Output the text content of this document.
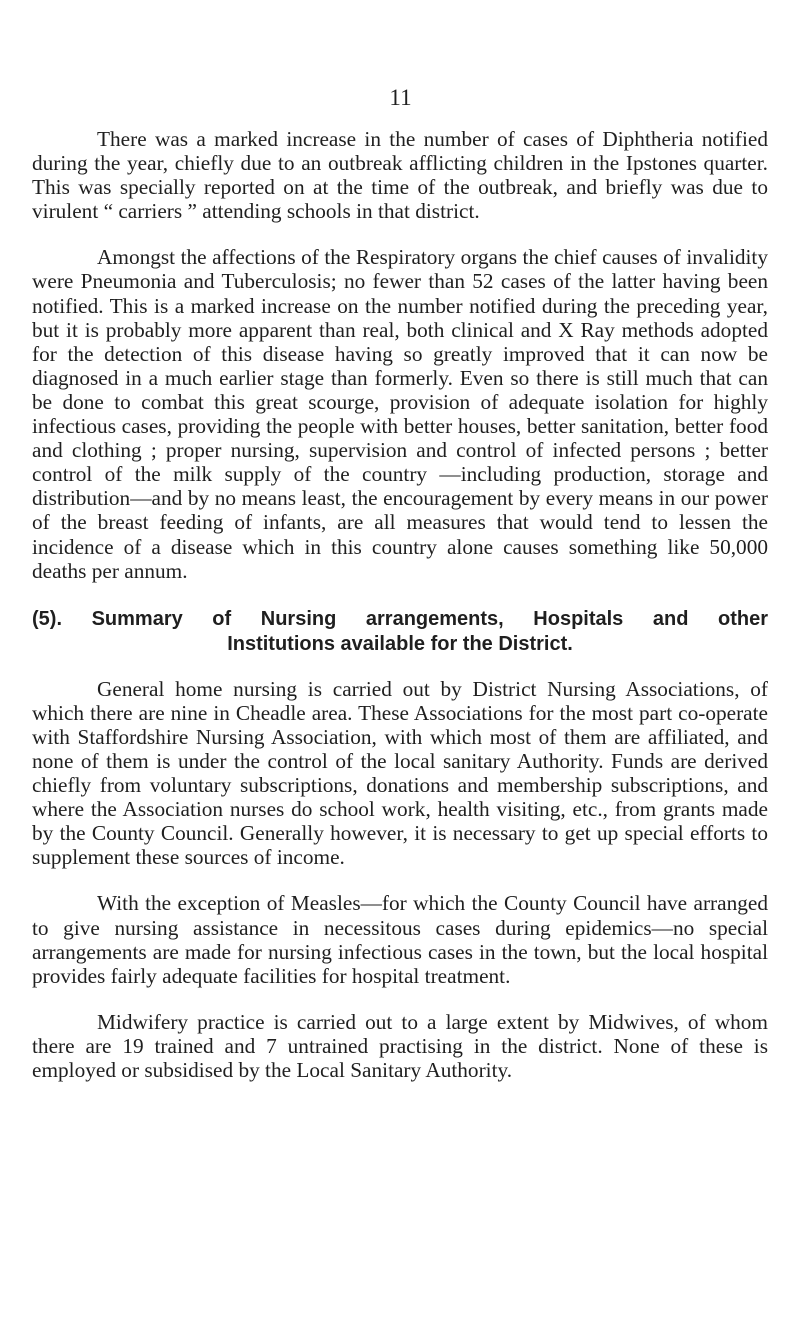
11

There was a marked increase in the number of cases of Diphtheria notified during the year, chiefly due to an outbreak afflicting children in the Ipstones quarter. This was specially reported on at the time of the outbreak, and briefly was due to virulent “ carriers ” attending schools in that district.

Amongst the affections of the Respiratory organs the chief causes of invalidity were Pneumonia and Tuberculosis; no fewer than 52 cases of the latter having been notified. This is a marked increase on the number notified during the preceding year, but it is probably more apparent than real, both clinical and X Ray methods adopted for the detection of this disease having so greatly improved that it can now be diagnosed in a much earlier stage than formerly. Even so there is still much that can be done to combat this great scourge, provision of adequate isolation for highly infectious cases, providing the people with better houses, better sanitation, better food and clothing ; proper nursing, supervision and control of infected persons ; better control of the milk supply of the country —including production, storage and distribution—and by no means least, the encouragement by every means in our power of the breast feeding of infants, are all measures that would tend to lessen the incidence of a disease which in this country alone causes something like 50,000 deaths per annum.

(5). Summary of Nursing arrangements, Hospitals and other
Institutions available for the District.

General home nursing is carried out by District Nursing Associations, of which there are nine in Cheadle area. These Associations for the most part co-operate with Staffordshire Nursing Association, with which most of them are affiliated, and none of them is under the control of the local sanitary Authority. Funds are derived chiefly from voluntary subscriptions, donations and membership subscriptions, and where the Association nurses do school work, health visiting, etc., from grants made by the County Council. Generally however, it is necessary to get up special efforts to supplement these sources of income.

With the exception of Measles—for which the County Council have arranged to give nursing assistance in necessitous cases during epidemics—no special arrangements are made for nursing infectious cases in the town, but the local hospital provides fairly adequate facilities for hospital treatment.

Midwifery practice is carried out to a large extent by Midwives, of whom there are 19 trained and 7 untrained practising in the district. None of these is employed or subsidised by the Local Sanitary Authority.
